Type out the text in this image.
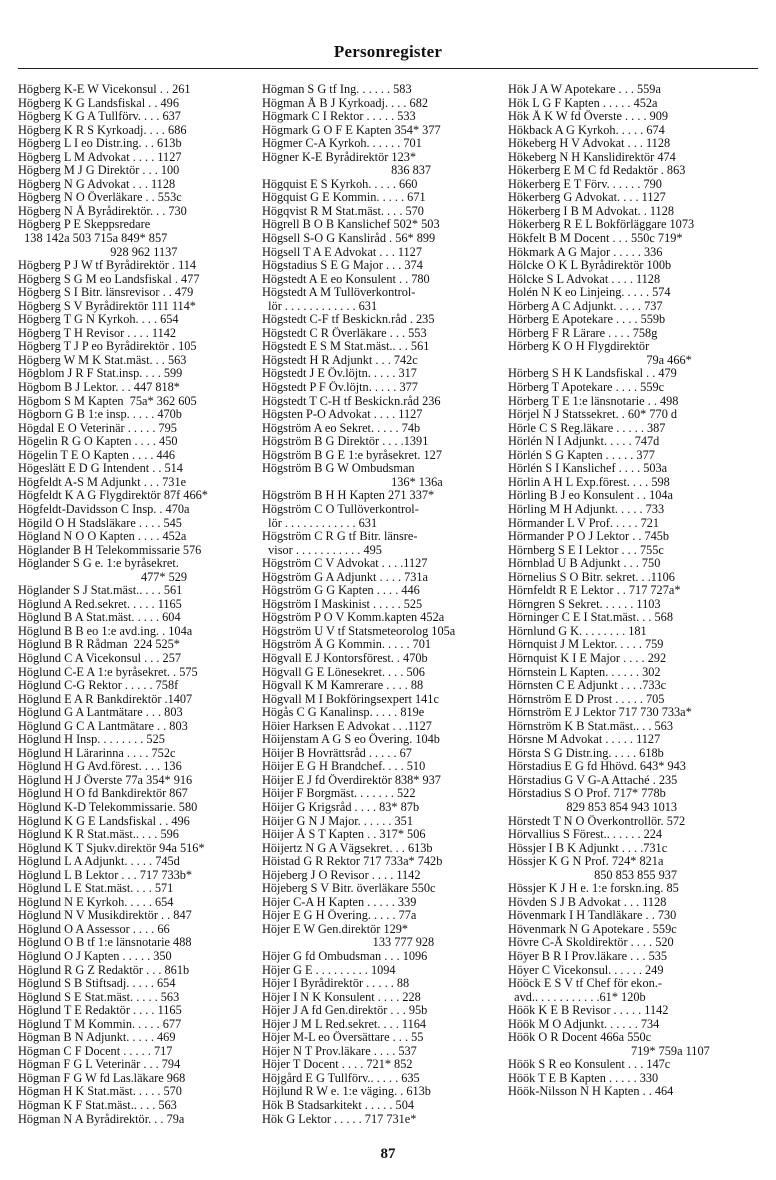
Personregister
Högberg K-E W Vicekonsul . . 261
Högberg K G Landsfiskal . . 496
Högberg K G A Tullförv. . . . 637
Högberg K R S Kyrkoadj. . . . 686
Högberg L I eo Distr.ing. . . 613b
Högberg L M Advokat . . . . 1127
Högberg M J G Direktör . . . 100
Högberg N G Advokat . . . 1128
Högberg N O Överläkare . . 553c
Högberg N Å Byrådirektör. . . 730
Högberg P E Skeppsredare
138 142a 503 715a 849* 857
928 962 1137
Högberg P J W tf Byrådirektör . 114
Högberg S G M eo Landsfiskal . 477
Högberg S I Bitr. länsrevisor . . 479
Högberg S V Byrådirektör 111 114*
Högberg T G N Kyrkoh. . . . 654
Högberg T H Revisor . . . . 1142
Högberg T J P eo Byrådirektör . 105
Högberg W M K Stat.mäst. . . 563
Högblom J R F Stat.insp. . . . 599
Högbom B J Lektor. . . 447 818*
Högbom S M Kapten  75a* 362 605
Högborn G B 1:e insp. . . . . 470b
Högdal E O Veterinär . . . . . 795
Högelin R G O Kapten . . . . 450
Högelin T E O Kapten . . . . 446
Högeslätt E D G Intendent . . 514
Högfeldt A-S M Adjunkt . . . 731e
Högfeldt K A G Flygdirektör 87f 466*
Högfeldt-Davidsson C Insp. . 470a
Högild O H Stadsläkare . . . . 545
Högland N O O Kapten . . . . 452a
Höglander B H Telekommissarie 576
Höglander S G e. 1:e byråsekret.
477* 529
Höglander S J Stat.mäst.. . . . 561
Höglund A Red.sekret. . . . . 1165
Höglund B A Stat.mäst. . . . . 604
Höglund B B eo 1:e avd.ing. . 104a
Höglund B R Rådman  224 525*
Höglund C A Vicekonsul . . . 257
Höglund C-E A 1:e byråsekret. . 575
Höglund C-G Rektor . . . . . 758f
Höglund E A R Bankdirektör .1407
Höglund G A Lantmätare . . . 803
Höglund G C A Lantmätare . . 803
Höglund H Insp. . . . . . . . 525
Höglund H Lärarinna . . . . 752c
Höglund H G Avd.förest. . . . 136
Höglund H J Överste 77a 354* 916
Höglund H O fd Bankdirektör 867
Höglund K-D Telekommissarie. 580
Höglund K G E Landsfiskal . . 496
Höglund K R Stat.mäst.. . . . 596
Höglund K T Sjukv.direktör 94a 516*
Höglund L A Adjunkt. . . . . 745d
Höglund L B Lektor . . . 717 733b*
Höglund L E Stat.mäst. . . . 571
Höglund N E Kyrkoh. . . . . 654
Höglund N V Musikdirektör . . 847
Höglund O A Assessor . . . . 66
Höglund O B tf 1:e länsnotarie 488
Höglund O J Kapten . . . . . 350
Höglund R G Z Redaktör . . . 861b
Höglund S B Stiftsadj. . . . . 654
Höglund S E Stat.mäst. . . . . 563
Höglund T E Redaktör . . . . 1165
Höglund T M Kommin. . . . . 677
Högman B N Adjunkt. . . . . 469
Högman C F Docent . . . . . 717
Högman F G L Veterinär . . . 794
Högman F G W fd Las.läkare 968
Högman H K Stat.mäst. . . . . 570
Högman K F Stat.mäst.. . . . 563
Högman N A Byrådirektör. . . 79a
Högman S G tf Ing. . . . . . 583
Högman Å B J Kyrkoadj. . . . 682
Högmark C I Rektor . . . . . 533
Högmark G O F E Kapten 354* 377
Högmer C-A Kyrkoh. . . . . . 701
Högner K-E Byrådirektör 123*
836 837
Högquist E S Kyrkoh. . . . . 660
Högquist G E Kommin. . . . . 671
Högqvist R M Stat.mäst. . . . 570
Högrell B O B Kanslichef 502* 503
Högsell S-O G Kansliråd . 56* 899
Högsell T A E Advokat . . . 1127
Högstadius S E G Major . . . 374
Högstedt A E eo Konsulent . . 780
Högstedt A M Tullöverkontrol-
lör . . . . . . . . . . . . 631
Högstedt C-F tf Beskickn.råd . 235
Högstedt C R Överläkare . . . 553
Högstedt E S M Stat.mäst.. . . 561
Högstedt H R Adjunkt . . . 742c
Högstedt J E Öv.löjtn. . . . . 317
Högstedt P F Öv.löjtn. . . . . 377
Högstedt T C-H tf Beskickn.råd 236
Högsten P-O Advokat . . . . 1127
Högström A eo Sekret. . . . . 74b
Högström B G Direktör . . . .1391
Högström B G E 1:e byråsekret. 127
Högström B G W Ombudsman
136* 136a
Högström B H H Kapten 271 337*
Högström C O Tullöverkontrol-
lör . . . . . . . . . . . . 631
Högström C R G tf Bitr. länsre-
visor . . . . . . . . . . . 495
Högström C V Advokat . . . .1127
Högström G A Adjunkt . . . . 731a
Högström G G Kapten . . . . 446
Högström I Maskinist . . . . . 525
Högström P O V Komm.kapten 452a
Högström U V tf Statsmeteorolog 105a
Högström Å G Kommin. . . . . 701
Högvall E J Kontorsförest. . 470b
Högvall G E Lönesekret. . . . 506
Högvall K M Kamrerare . . . . 88
Högvall M I Bokföringsexpert 141c
Högås C G Kanalinsp. . . . . 819e
Höier Harksen E Advokat . . .1127
Höijenstam A G S eo Övering. 104b
Höijer B Hovrättsråd . . . . . 67
Höijer E G H Brandchef. . . . 510
Höijer E J fd Överdirektör 838* 937
Höijer F Borgmäst. . . . . . . 522
Höijer G Krigsråd . . . . 83* 87b
Höijer G N J Major. . . . . . 351
Höijer Å S T Kapten . . 317* 506
Höijertz N G A Vägsekret. . . 613b
Höistad G R Rektor 717 733a* 742b
Höjeberg J O Revisor . . . . 1142
Höjeberg S V Bitr. överläkare 550c
Höjer C-A H Kapten . . . . . 339
Höjer E G H Övering. . . . . 77a
Höjer E W Gen.direktör 129*
133 777 928
Höjer G fd Ombudsman . . . 1096
Höjer G E . . . . . . . . . 1094
Höjer I Byrådirektör . . . . . 88
Höjer I N K Konsulent . . . . 228
Höjer J A fd Gen.direktör . . . 95b
Höjer J M L Red.sekret. . . . 1164
Höjer M-L eo Översättare . . . 55
Höjer N T Prov.läkare . . . . 537
Höjer T Docent . . . . 721* 852
Höjgård E G Tullförv.. . . . . 635
Höjlund R W e. 1:e väging. . 613b
Hök B Stadsarkitekt . . . . . 504
Hök G Lektor . . . . . 717 731e*
Hök J A W Apotekare . . . 559a
Hök L G F Kapten . . . . . 452a
Hök Å K W fd Överste . . . . 909
Hökback A G Kyrkoh. . . . . 674
Hökeberg H V Advokat . . . 1128
Hökeberg N H Kanslidirektör 474
Hökerberg E M C fd Redaktör . 863
Hökerberg E T Förv. . . . . . 790
Hökerberg G Advokat. . . . 1127
Hökerberg I B M Advokat. . 1128
Hökerberg R E L Bokförläggare 1073
Hökfelt B M Docent . . . 550c 719*
Hökmark A G Major . . . . . 336
Hölcke O K L Byrådirektör 100b
Hölcke S L Advokat . . . . 1128
Holén N K eo Linjeing. . . . . 574
Hörberg A C Adjunkt. . . . . 737
Hörberg E Apotekare . . . . 559b
Hörberg F R Lärare . . . . 758g
Hörberg K O H Flygdirektör
79a 466*
Hörberg S H K Landsfiskal . . 479
Hörberg T Apotekare . . . . 559c
Hörberg T E 1:e länsnotarie . . 498
Hörjel N J Statssekret. . 60* 770 d
Hörle C S Reg.läkare . . . . . 387
Hörlén N I Adjunkt. . . . . 747d
Hörlén S G Kapten . . . . . 377
Hörlén S I Kanslichef . . . . 503a
Hörlin A H L Exp.förest. . . . 598
Hörling B J eo Konsulent . . 104a
Hörling M H Adjunkt. . . . . 733
Hörmander L V Prof. . . . . 721
Hörmander P O J Lektor . . 745b
Hörnberg S E I Lektor . . . 755c
Hörnblad U B Adjunkt . . . 750
Hörnelius S O Bitr. sekret. . .1106
Hörnfeldt R E Lektor . . 717 727a*
Hörngren S Sekret. . . . . . 1103
Hörninger C E I Stat.mäst. . . 568
Hörnlund G K. . . . . . . . 181
Hörnquist J M Lektor. . . . . 759
Hörnquist K I E Major . . . . 292
Hörnstein L Kapten. . . . . . 302
Hörnsten C E Adjunkt . . . .733c
Hörnström E D Prost . . . . . 705
Hörnström E J Lektor 717 730 733a*
Hörnström K B Stat.mäst.. . . 563
Hörsne M Advokat . . . . . 1127
Hörsta S G Distr.ing. . . . . 618b
Hörstadius E G fd Hhövd. 643* 943
Hörstadius G V G-A Attaché . 235
Hörstadius S O Prof. 717* 778b
829 853 854 943 1013
Hörstedt T N O Överkontrollör. 572
Hörvallius S Förest.. . . . . . 224
Hössjer I B K Adjunkt . . . .731c
Hössjer K G N Prof. 724* 821a
850 853 855 937
Hössjer K J H e. 1:e forskn.ing. 85
Hövden S J B Advokat . . . 1128
Hövenmark I H Tandläkare . . 730
Hövenmark N G Apotekare . 559c
Hövre C-Å Skoldirektör . . . . 520
Höyer B R I Prov.läkare . . . 535
Höyer C Vicekonsul. . . . . . 249
Hööck E S V tf Chef för ekon.-
avd.. . . . . . . . . . .61* 120b
Höök K E B Revisor . . . . . 1142
Höök M O Adjunkt. . . . . . 734
Höök O R Docent 466a 550c
719* 759a 1107
Höök S R eo Konsulent . . . 147c
Höök T E B Kapten . . . . . 330
Höök-Nilsson N H Kapten . . 464
87
